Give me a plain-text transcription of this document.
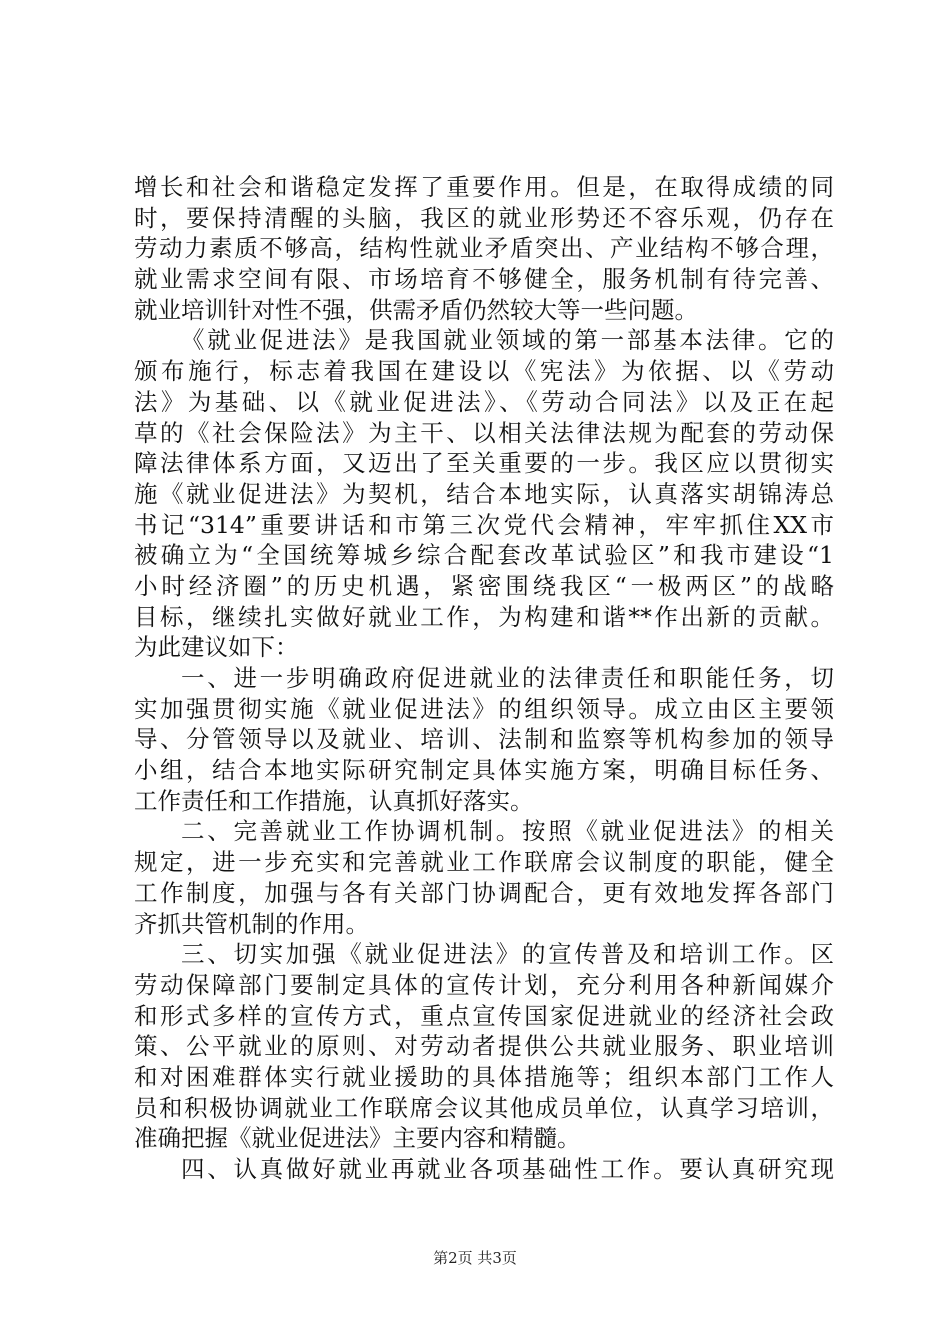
增长和社会和谐稳定发挥了重要作用。但是，在取得成绩的同
时，要保持清醒的头脑，我区的就业形势还不容乐观，仍存在
劳动力素质不够高，结构性就业矛盾突出、产业结构不够合理，
就业需求空间有限、市场培育不够健全，服务机制有待完善、
就业培训针对性不强，供需矛盾仍然较大等一些问题。
《就业促进法》是我国就业领域的第一部基本法律。它的
颁布施行，标志着我国在建设以《宪法》为依据、以《劳动
法》为基础、以《就业促进法》、《劳动合同法》以及正在起
草的《社会保险法》为主干、以相关法律法规为配套的劳动保
障法律体系方面，又迈出了至关重要的一步。我区应以贯彻实
施《就业促进法》为契机，结合本地实际，认真落实胡锦涛总
书记“314”重要讲话和市第三次党代会精神，牢牢抓住XX市
被确立为“全国统筹城乡综合配套改革试验区”和我市建设“1
小时经济圈”的历史机遇，紧密围绕我区“一极两区”的战略
目标，继续扎实做好就业工作，为构建和谐**作出新的贡献。
为此建议如下：
一、进一步明确政府促进就业的法律责任和职能任务，切
实加强贯彻实施《就业促进法》的组织领导。成立由区主要领
导、分管领导以及就业、培训、法制和监察等机构参加的领导
小组，结合本地实际研究制定具体实施方案，明确目标任务、
工作责任和工作措施，认真抓好落实。
二、完善就业工作协调机制。按照《就业促进法》的相关
规定，进一步充实和完善就业工作联席会议制度的职能，健全
工作制度，加强与各有关部门协调配合，更有效地发挥各部门
齐抓共管机制的作用。
三、切实加强《就业促进法》的宣传普及和培训工作。区
劳动保障部门要制定具体的宣传计划，充分利用各种新闻媒介
和形式多样的宣传方式，重点宣传国家促进就业的经济社会政
策、公平就业的原则、对劳动者提供公共就业服务、职业培训
和对困难群体实行就业援助的具体措施等；组织本部门工作人
员和积极协调就业工作联席会议其他成员单位，认真学习培训，
准确把握《就业促进法》主要内容和精髓。
四、认真做好就业再就业各项基础性工作。要认真研究现
第2页 共3页
